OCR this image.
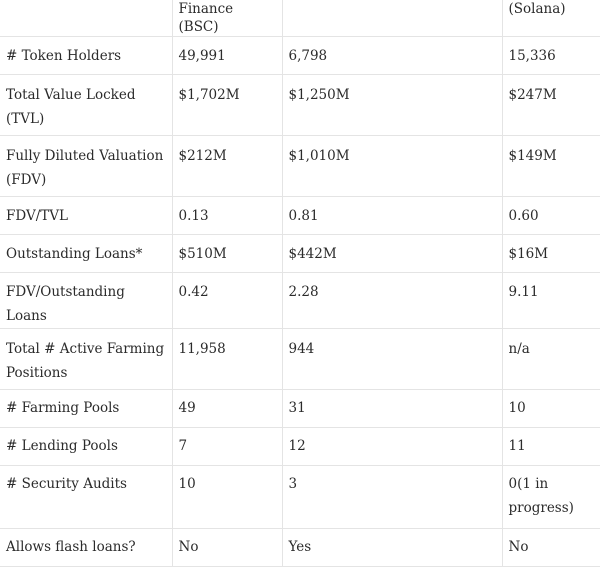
	Finance (BSC)		(Solana)
# Token Holders	49,991	6,798	15,336
Total Value Locked (TVL)	$1,702M	$1,250M	$247M
Fully Diluted Valuation (FDV)	$212M	$1,010M	$149M
FDV/TVL	0.13	0.81	0.60
Outstanding Loans*	$510M	$442M	$16M
FDV/Outstanding Loans	0.42	2.28	9.11
Total # Active Farming Positions	11,958	944	n/a
# Farming Pools	49	31	10
# Lending Pools	7	12	11
# Security Audits	10	3	0(1 in progress)
Allows flash loans?	No	Yes	No
